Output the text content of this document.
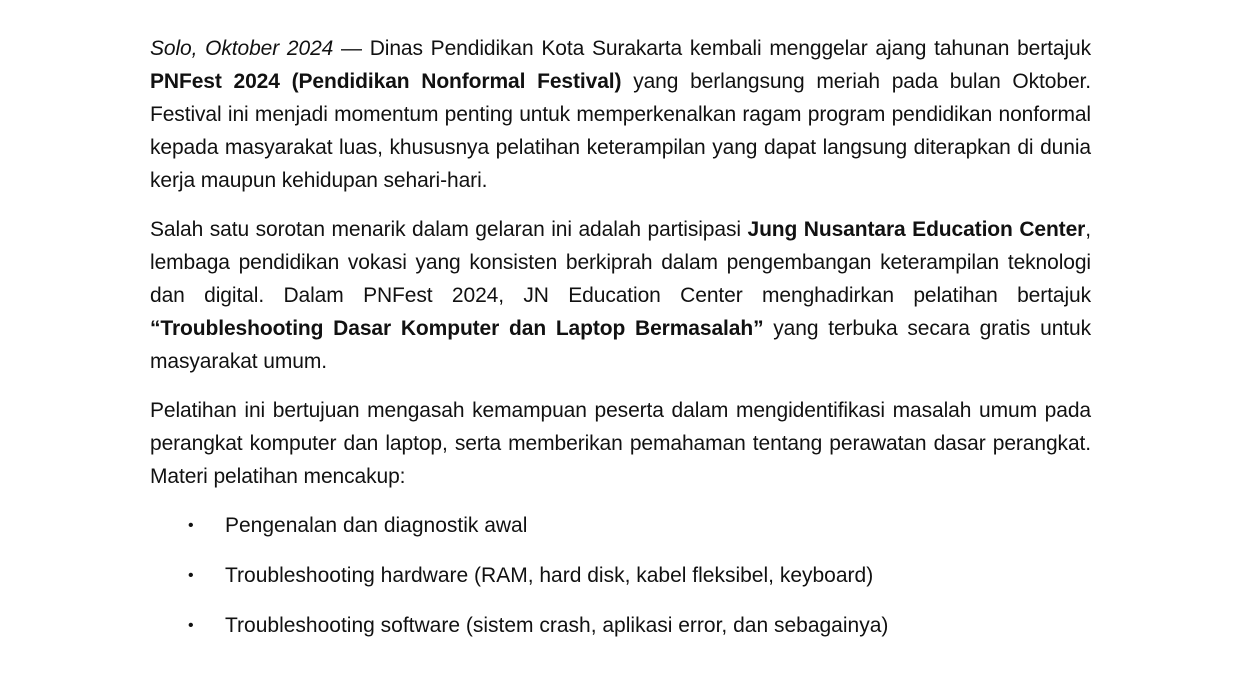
Solo, Oktober 2024 — Dinas Pendidikan Kota Surakarta kembali menggelar ajang tahunan bertajuk PNFest 2024 (Pendidikan Nonformal Festival) yang berlangsung meriah pada bulan Oktober. Festival ini menjadi momentum penting untuk memperkenalkan ragam program pendidikan nonformal kepada masyarakat luas, khususnya pelatihan keterampilan yang dapat langsung diterapkan di dunia kerja maupun kehidupan sehari-hari.

Salah satu sorotan menarik dalam gelaran ini adalah partisipasi Jung Nusantara Education Center, lembaga pendidikan vokasi yang konsisten berkiprah dalam pengembangan keterampilan teknologi dan digital. Dalam PNFest 2024, JN Education Center menghadirkan pelatihan bertajuk “Troubleshooting Dasar Komputer dan Laptop Bermasalah” yang terbuka secara gratis untuk masyarakat umum.

Pelatihan ini bertujuan mengasah kemampuan peserta dalam mengidentifikasi masalah umum pada perangkat komputer dan laptop, serta memberikan pemahaman tentang perawatan dasar perangkat. Materi pelatihan mencakup:

• Pengenalan dan diagnostik awal
• Troubleshooting hardware (RAM, hard disk, kabel fleksibel, keyboard)
• Troubleshooting software (sistem crash, aplikasi error, dan sebagainya)
